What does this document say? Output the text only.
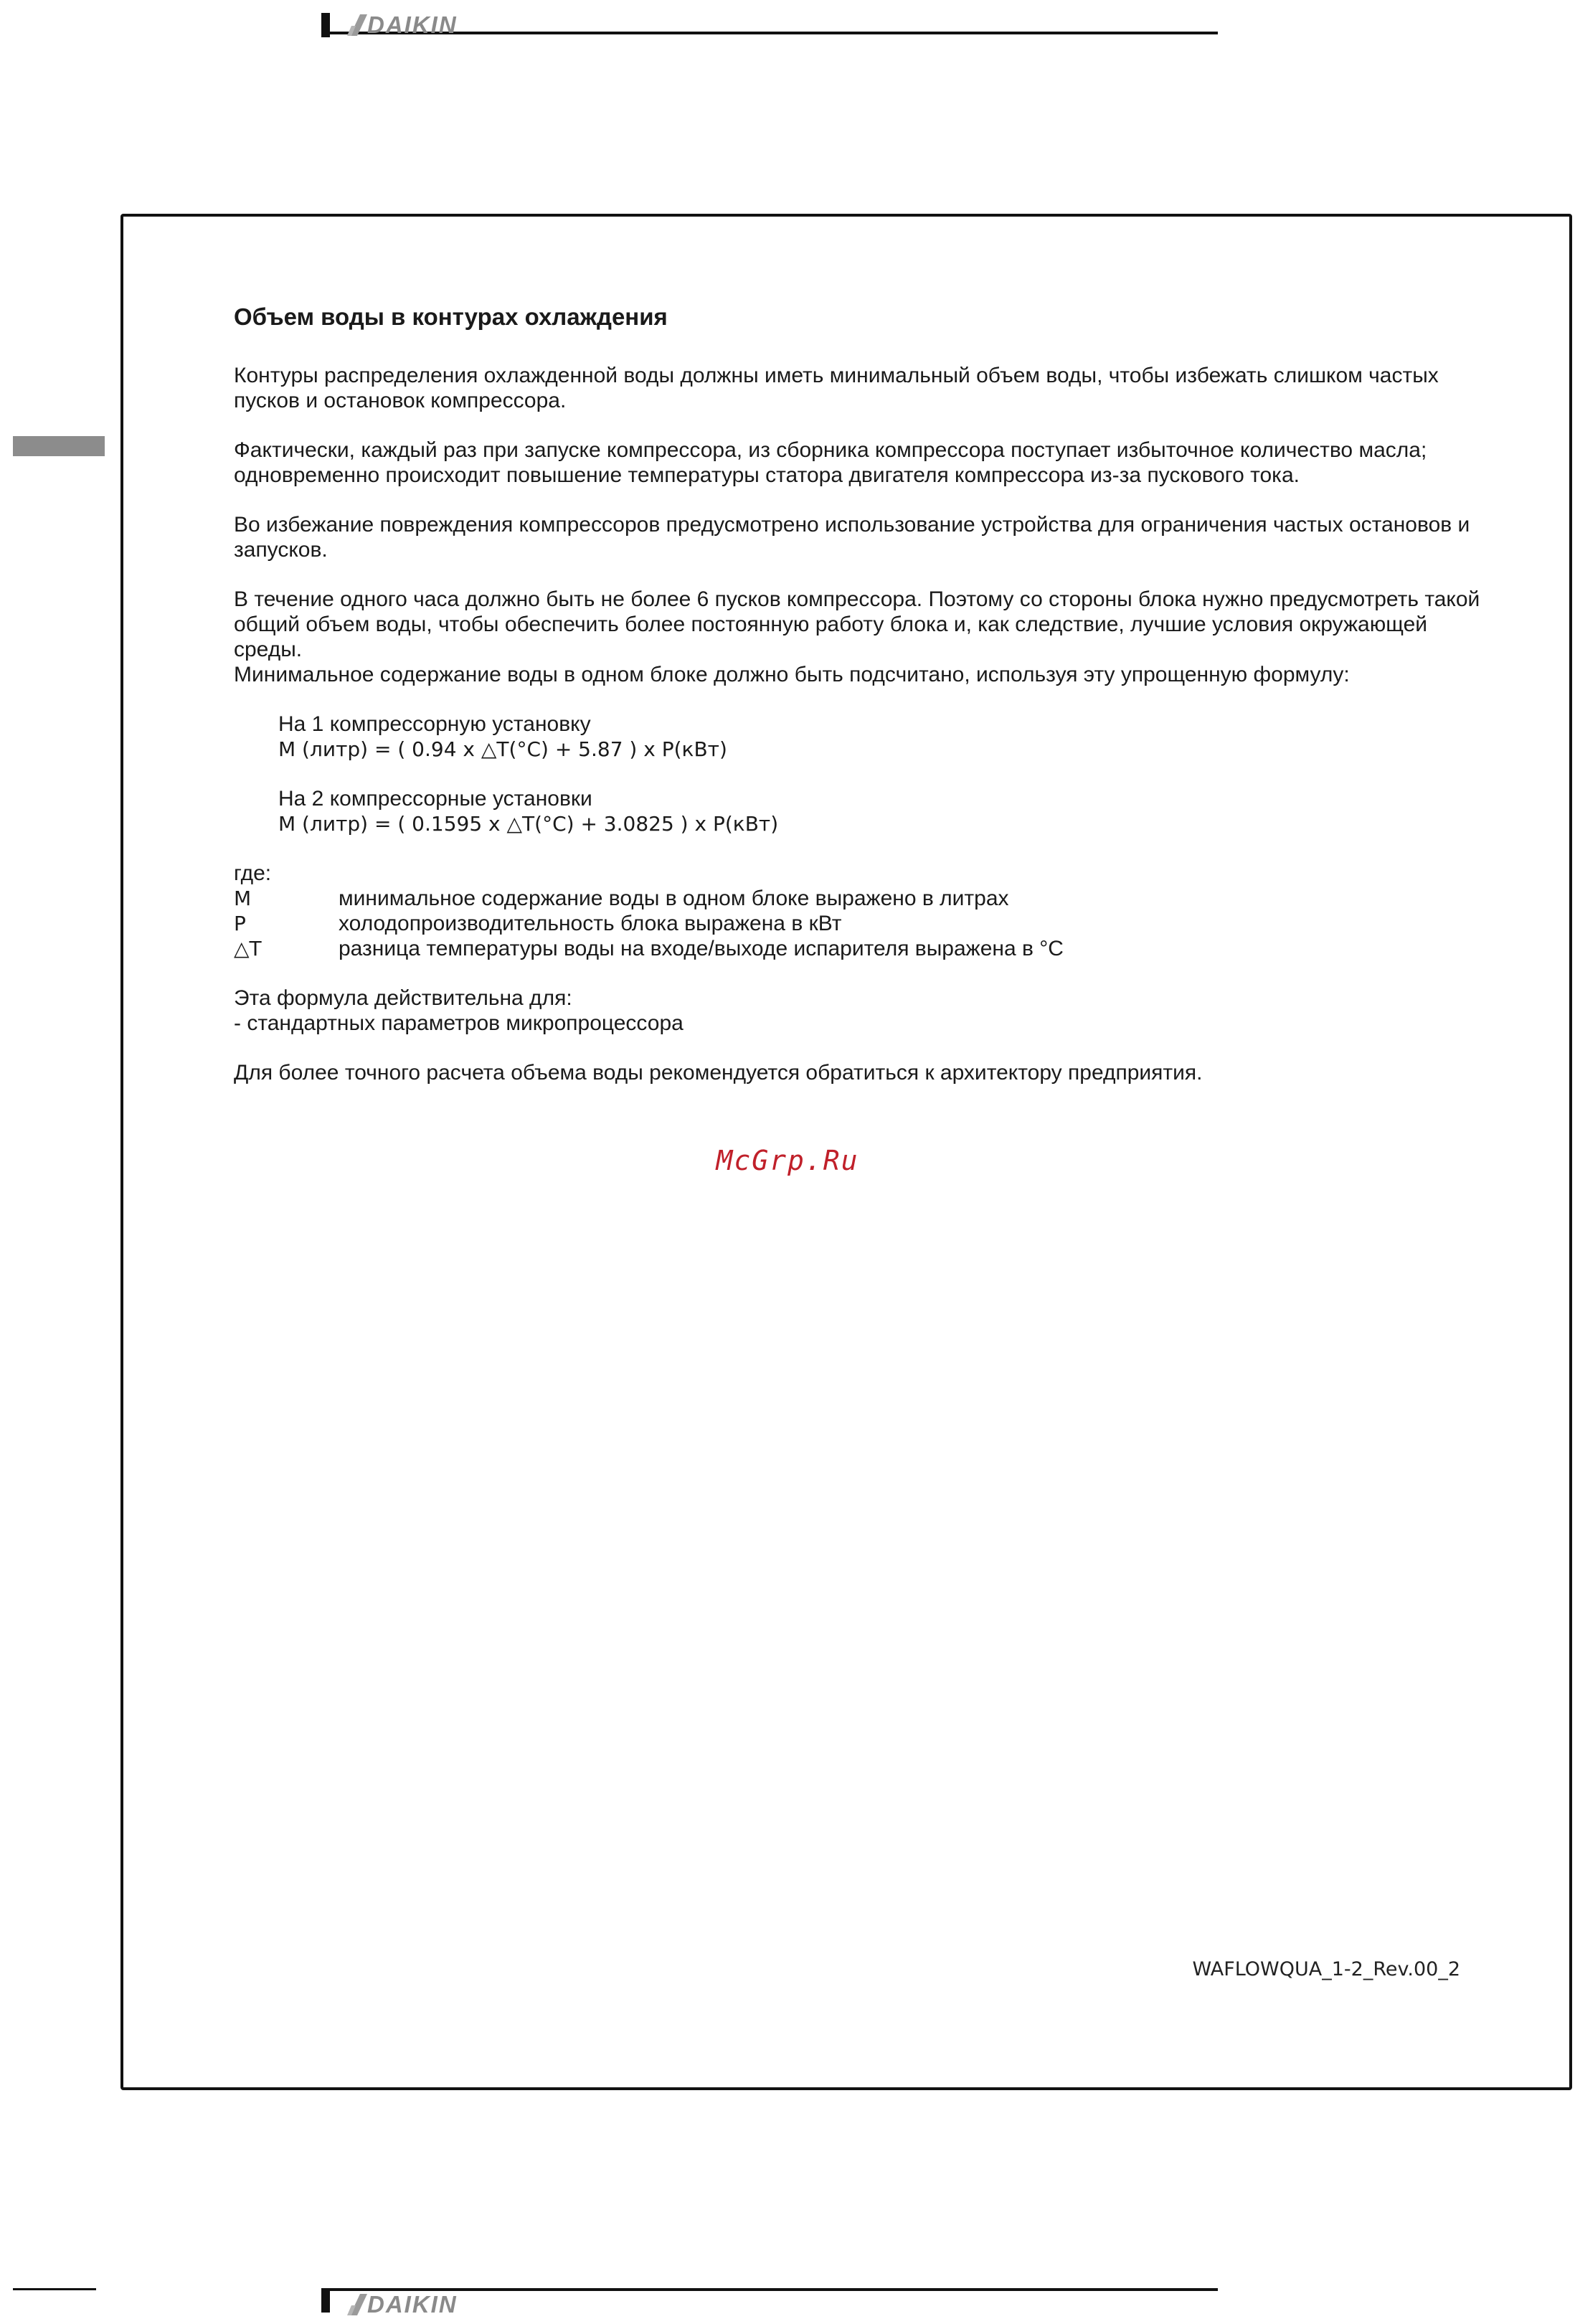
DAIKIN
Объем воды в контурах охлаждения

Контуры распределения охлажденной воды должны иметь минимальный объем воды, чтобы избежать слишком частых пусков и остановок компрессора.

Фактически, каждый раз при запуске компрессора, из сборника компрессора поступает избыточное количество масла; одновременно происходит повышение температуры статора двигателя компрессора из-за пускового тока.

Во избежание повреждения компрессоров предусмотрено использование устройства для ограничения частых остановов и запусков.

В течение одного часа должно быть не более 6 пусков компрессора. Поэтому со стороны блока нужно предусмотреть такой общий объем воды, чтобы обеспечить более постоянную работу блока и, как следствие, лучшие условия окружающей среды.
Минимальное содержание воды в одном блоке должно быть подсчитано, используя эту упрощенную формулу:
На 1 компрессорную установку
M (литр) = ( 0.94 x △T(°C) + 5.87 ) x P(кВт)
На 2 компрессорные установки
M (литр) = ( 0.1595 x △T(°C) + 3.0825 ) x P(кВт)
где:
M	минимальное содержание воды в одном блоке выражено в литрах
P	холодопроизводительность блока выражена в кВт
△T	разница температуры воды на входе/выходе испарителя выражена в °C
Эта формула действительна для:
- стандартных параметров микропроцессора

Для более точного расчета объема воды рекомендуется обратиться к архитектору предприятия.

McGrp.Ru
WAFLOWQUA_1-2_Rev.00_2
DAIKIN
